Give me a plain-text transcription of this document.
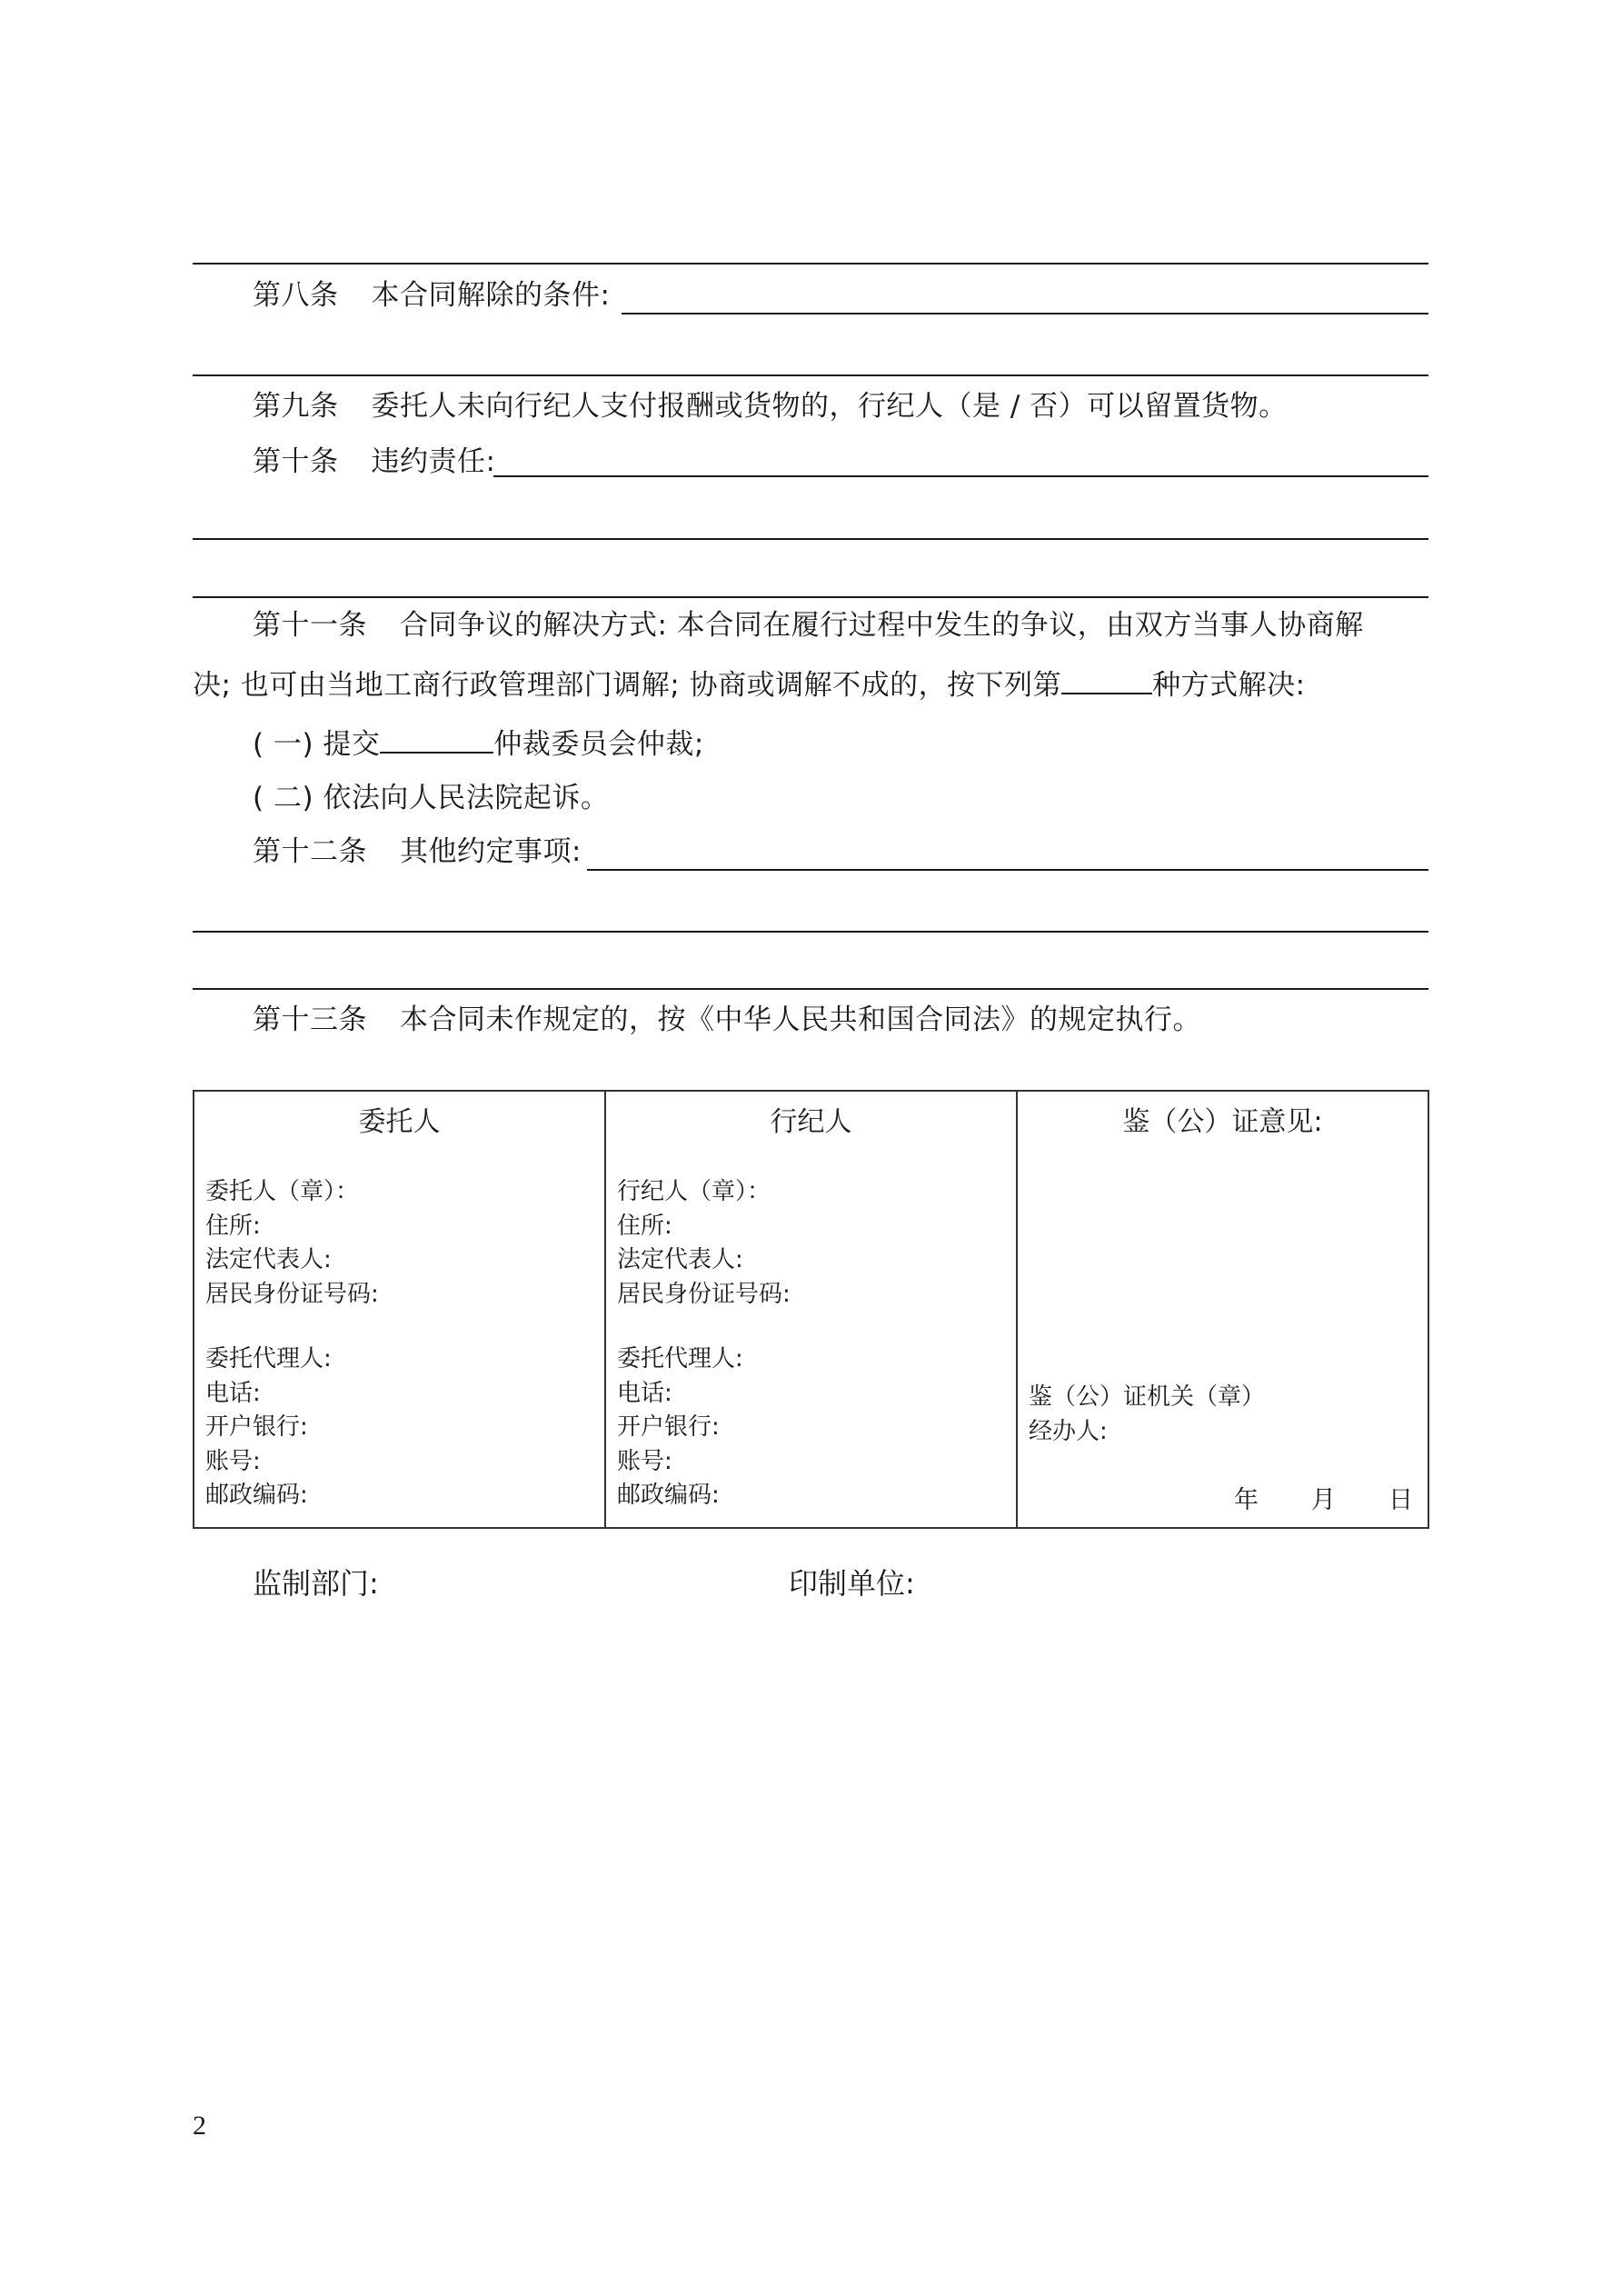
第八条 本合同解除的条件:
第九条 委托人未向行纪人支付报酬或货物的，行纪人（是 / 否）可以留置货物。
第十条 违约责任:
第十一条 合同争议的解决方式: 本合同在履行过程中发生的争议，由双方当事人协商解
决; 也可由当地工商行政管理部门调解; 协商或调解不成的，按下列第	种方式解决:
( 一) 提交	仲裁委员会仲裁;
( 二) 依法向人民法院起诉。
第十二条 其他约定事项:
第十三条 本合同未作规定的，按《中华人民共和国合同法》的规定执行。
委托人
委托人（章）：
住所:
法定代表人:
居民身份证号码:
委托代理人:
电话:
开户银行:
账号:
邮政编码:

行纪人
行纪人（章）：
住所:
法定代表人:
居民身份证号码:
委托代理人:
电话:
开户银行:
账号:
邮政编码:

鉴（公）证意见:
鉴（公）证机关（章）
经办人:
年 月 日
监制部门:	印制单位:
2
